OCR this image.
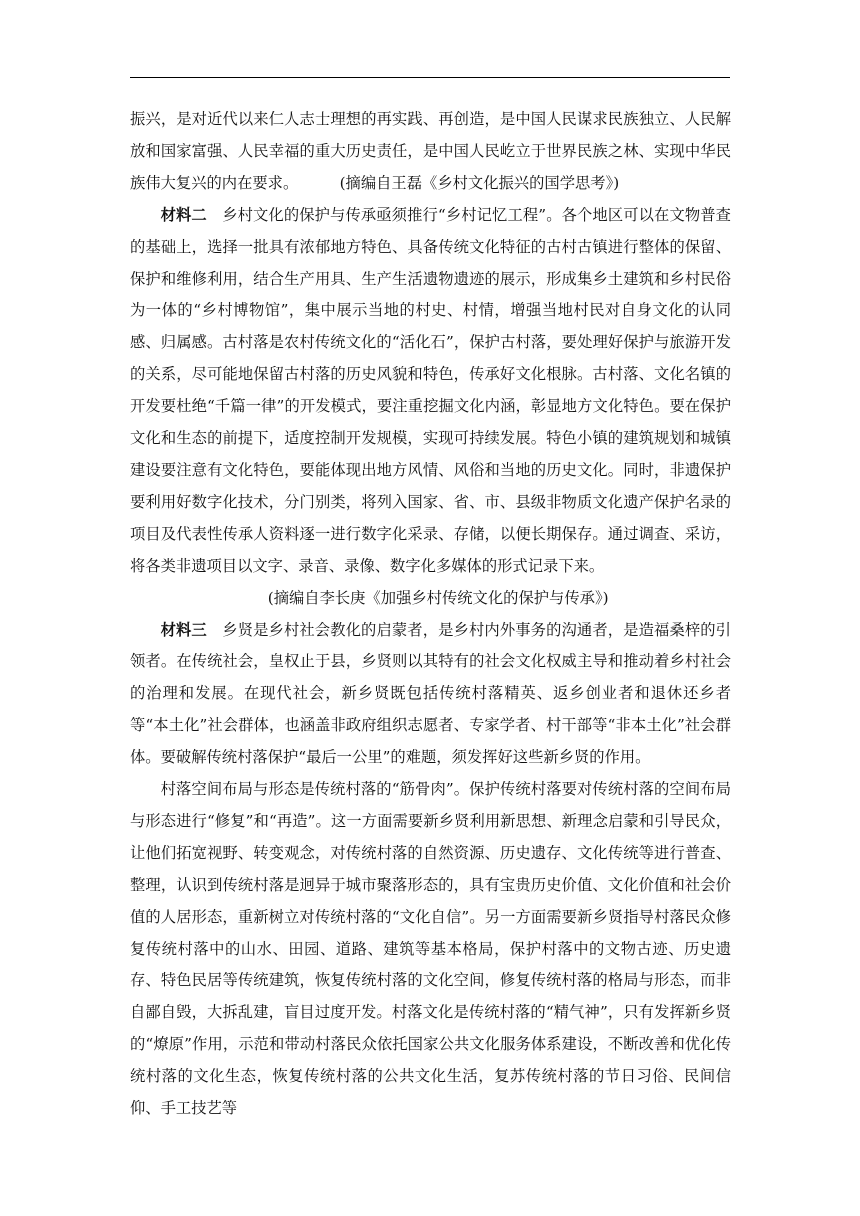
振兴，是对近代以来仁人志士理想的再实践、再创造，是中国人民谋求民族独立、人民解放和国家富强、人民幸福的重大历史责任，是中国人民屹立于世界民族之林、实现中华民族伟大复兴的内在要求。	(摘编自王磊《乡村文化振兴的国学思考》)

材料二　 乡村文化的保护与传承亟须推行“乡村记忆工程”。各个地区可以在文物普查的基础上，选择一批具有浓郁地方特色、具备传统文化特征的古村古镇进行整体的保留、保护和维修利用，结合生产用具、生产生活遗物遗迹的展示，形成集乡土建筑和乡村民俗为一体的“乡村博物馆”，集中展示当地的村史、村情，增强当地村民对自身文化的认同感、归属感。古村落是农村传统文化的“活化石”，保护古村落，要处理好保护与旅游开发的关系，尽可能地保留古村落的历史风貌和特色，传承好文化根脉。古村落、文化名镇的开发要杜绝“千篇一律”的开发模式，要注重挖掘文化内涵，彰显地方文化特色。要在保护文化和生态的前提下，适度控制开发规模，实现可持续发展。特色小镇的建筑规划和城镇建设要注意有文化特色，要能体现出地方风情、风俗和当地的历史文化。同时，非遗保护要利用好数字化技术，分门别类，将列入国家、省、市、县级非物质文化遗产保护名录的项目及代表性传承人资料逐一进行数字化采录、存储，以便长期保存。通过调查、采访，将各类非遗项目以文字、录音、录像、数字化多媒体的形式记录下来。

(摘编自李长庚《加强乡村传统文化的保护与传承》)

材料三　 乡贤是乡村社会教化的启蒙者，是乡村内外事务的沟通者，是造福桑梓的引领者。在传统社会，皇权止于县，乡贤则以其特有的社会文化权威主导和推动着乡村社会的治理和发展。在现代社会，新乡贤既包括传统村落精英、返乡创业者和退休还乡者等“本土化”社会群体，也涵盖非政府组织志愿者、专家学者、村干部等“非本土化”社会群体。要破解传统村落保护“最后一公里”的难题，须发挥好这些新乡贤的作用。

村落空间布局与形态是传统村落的“筋骨肉”。保护传统村落要对传统村落的空间布局与形态进行“修复”和“再造”。这一方面需要新乡贤利用新思想、新理念启蒙和引导民众，让他们拓宽视野、转变观念，对传统村落的自然资源、历史遗存、文化传统等进行普查、整理，认识到传统村落是迥异于城市聚落形态的，具有宝贵历史价值、文化价值和社会价值的人居形态，重新树立对传统村落的“文化自信”。另一方面需要新乡贤指导村落民众修复传统村落中的山水、田园、道路、建筑等基本格局，保护村落中的文物古迹、历史遗存、特色民居等传统建筑，恢复传统村落的文化空间，修复传统村落的格局与形态，而非自鄙自毁，大拆乱建，盲目过度开发。村落文化是传统村落的“精气神”，只有发挥新乡贤的“燎原”作用，示范和带动村落民众依托国家公共文化服务体系建设，不断改善和优化传统村落的文化生态，恢复传统村落的公共文化生活，复苏传统村落的节日习俗、民间信仰、手工技艺等
